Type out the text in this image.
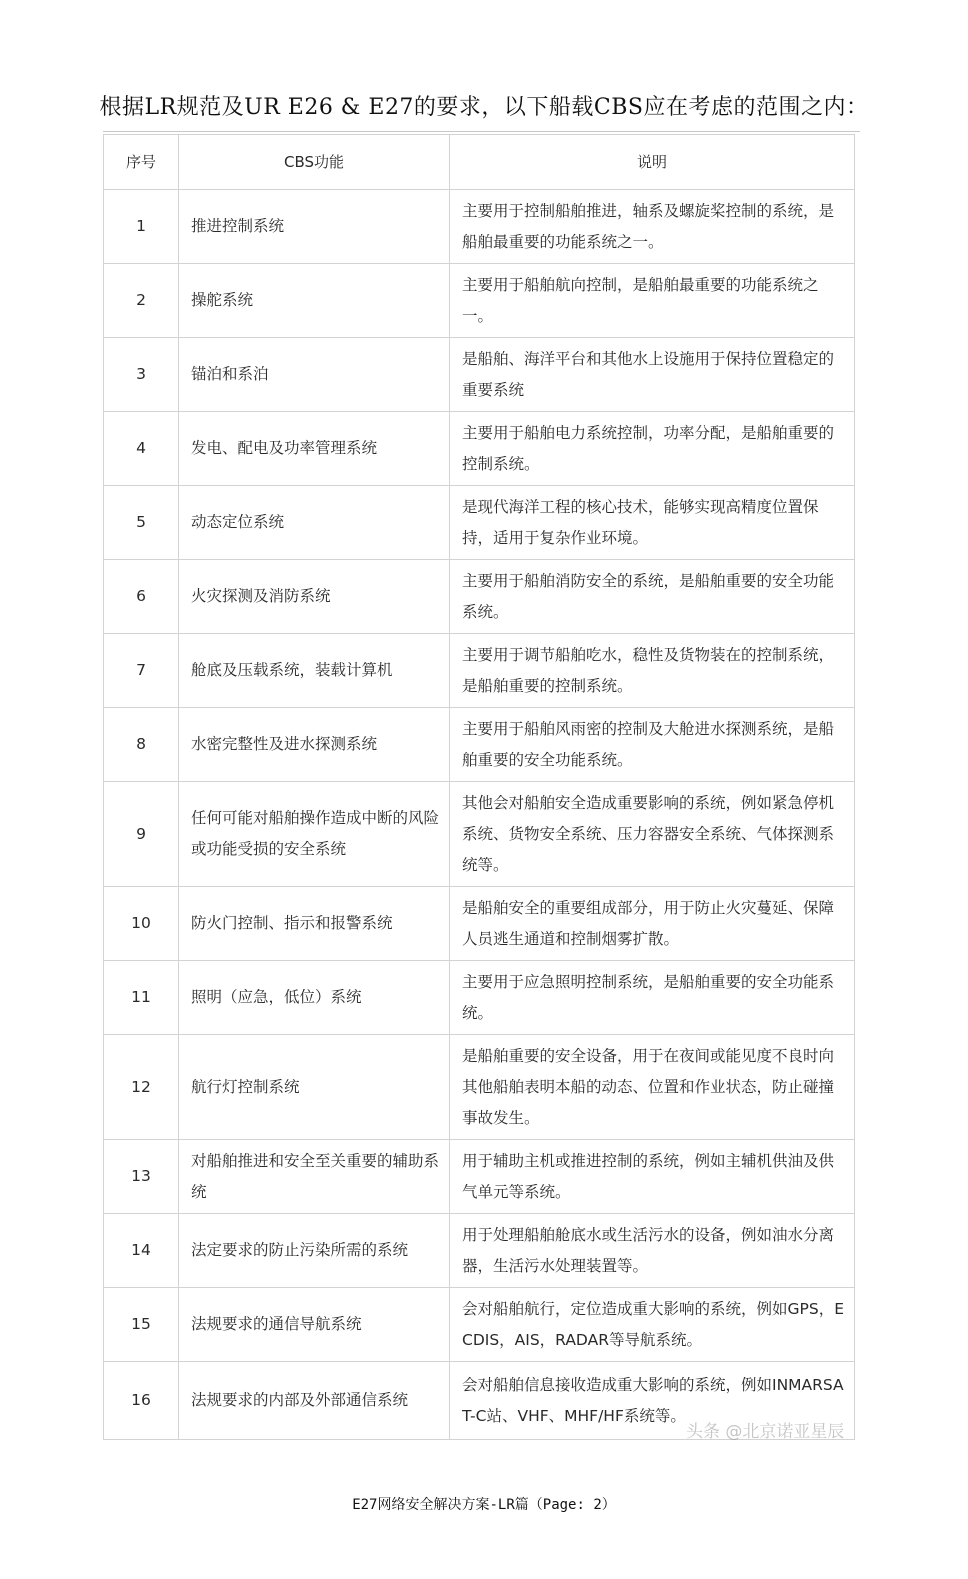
根据LR规范及UR E26 & E27的要求，以下船载CBS应在考虑的范围之内：
序号	CBS功能	说明
1	推进控制系统	主要用于控制船舶推进，轴系及螺旋桨控制的系统，是船舶最重要的功能系统之一。
2	操舵系统	主要用于船舶航向控制，是船舶最重要的功能系统之一。
3	锚泊和系泊	是船舶、海洋平台和其他水上设施用于保持位置稳定的重要系统
4	发电、配电及功率管理系统	主要用于船舶电力系统控制，功率分配，是船舶重要的控制系统。
5	动态定位系统	是现代海洋工程的核心技术，能够实现高精度位置保持，适用于复杂作业环境。
6	火灾探测及消防系统	主要用于船舶消防安全的系统，是船舶重要的安全功能系统。
7	舱底及压载系统，装载计算机	主要用于调节船舶吃水，稳性及货物装在的控制系统，是船舶重要的控制系统。
8	水密完整性及进水探测系统	主要用于船舶风雨密的控制及大舱进水探测系统，是船舶重要的安全功能系统。
9	任何可能对船舶操作造成中断的风险或功能受损的安全系统	其他会对船舶安全造成重要影响的系统，例如紧急停机系统、货物安全系统、压力容器安全系统、气体探测系统等。
10	防火门控制、指示和报警系统	是船舶安全的重要组成部分，用于防止火灾蔓延、保障人员逃生通道和控制烟雾扩散。
11	照明（应急，低位）系统	主要用于应急照明控制系统，是船舶重要的安全功能系统。
12	航行灯控制系统	是船舶重要的安全设备，用于在夜间或能见度不良时向其他船舶表明本船的动态、位置和作业状态，防止碰撞事故发生。
13	对船舶推进和安全至关重要的辅助系统	用于辅助主机或推进控制的系统，例如主辅机供油及供气单元等系统。
14	法定要求的防止污染所需的系统	用于处理船舶舱底水或生活污水的设备，例如油水分离器，生活污水处理装置等。
15	法规要求的通信导航系统	会对船舶航行，定位造成重大影响的系统，例如GPS，ECDIS，AIS，RADAR等导航系统。
16	法规要求的内部及外部通信系统	会对船舶信息接收造成重大影响的系统，例如INMARSAT-C站、VHF、MHF/HF系统等。
头条 @北京诺亚星辰
E27网络安全解决方案-LR篇（Page: 2）
